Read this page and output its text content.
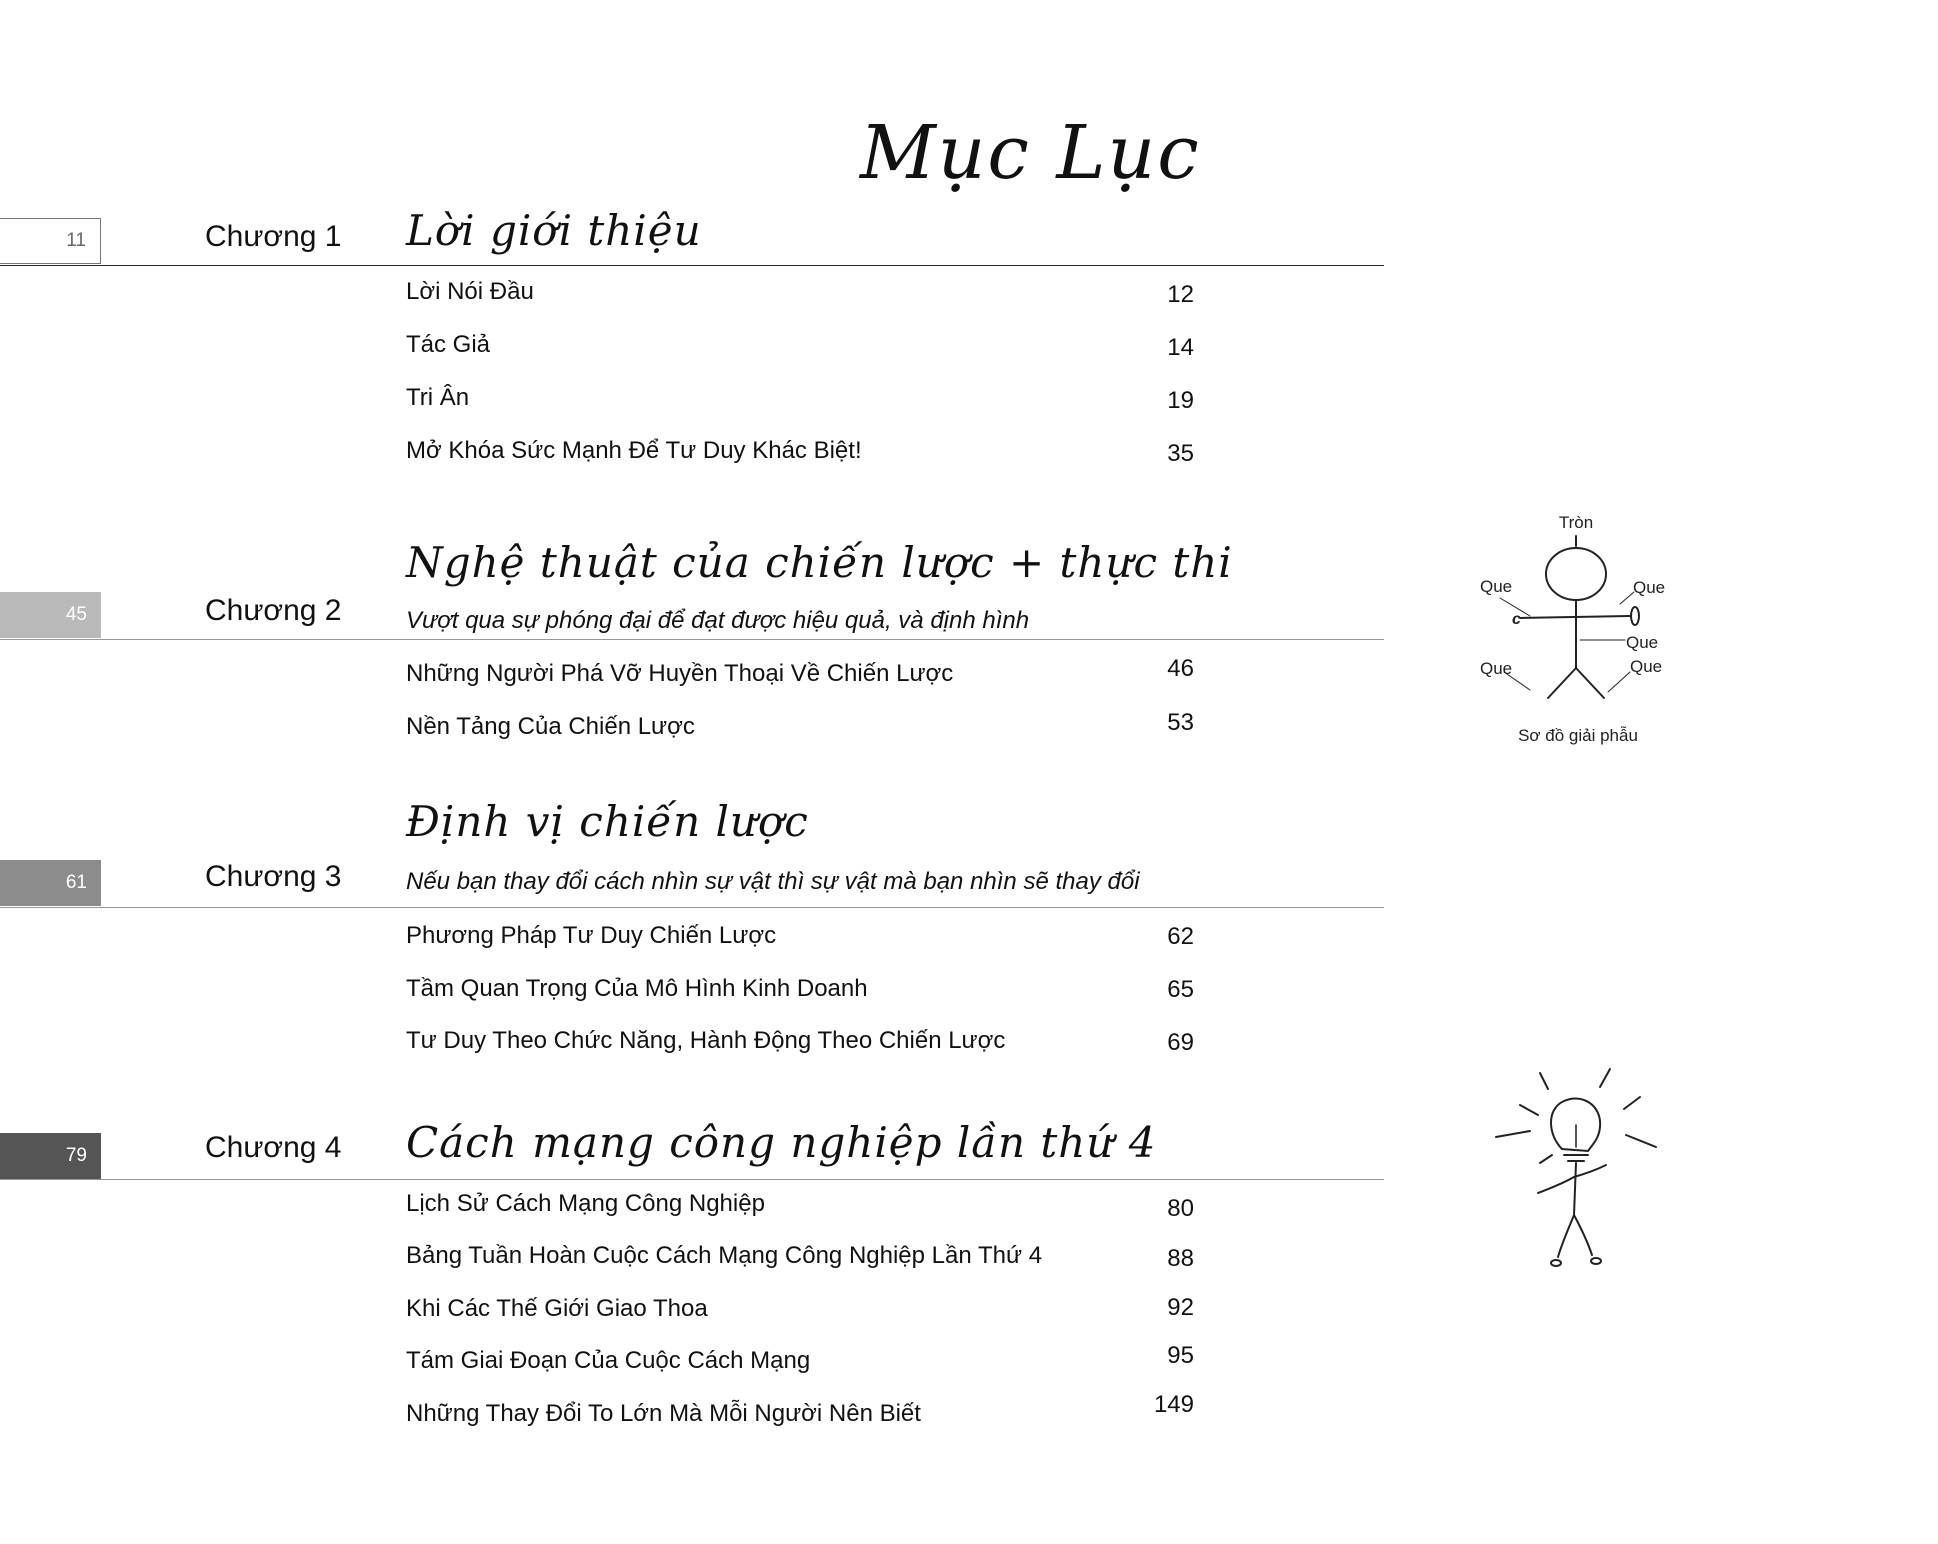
Mục Lục
11	Chương 1 Lời giới thiệu
Lời Nói Đầu	12
Tác Giả	14
Tri Ân	19
Mở Khóa Sức Mạnh Để Tư Duy Khác Biệt!	35
Nghệ thuật của chiến lược + thực thi
45	Chương 2	Vượt qua sự phóng đại để đạt được hiệu quả, và định hình
Những Người Phá Vỡ Huyền Thoại Về Chiến Lược	46
Nền Tảng Của Chiến Lược	53
Định vị chiến lược
61	Chương 3	Nếu bạn thay đổi cách nhìn sự vật thì sự vật mà bạn nhìn sẽ thay đổi
Phương Pháp Tư Duy Chiến Lược	62
Tầm Quan Trọng Của Mô Hình Kinh Doanh	65
Tư Duy Theo Chức Năng, Hành Động Theo Chiến Lược	69
79	Chương 4 Cách mạng công nghiệp lần thứ 4
Lịch Sử Cách Mạng Công Nghiệp	80
Bảng Tuần Hoàn Cuộc Cách Mạng Công Nghiệp Lần Thứ 4	88
Khi Các Thế Giới Giao Thoa	92
Tám Giai Đoạn Của Cuộc Cách Mạng	95
Những Thay Đổi To Lớn Mà Mỗi Người Nên Biết	149
Tròn
Que	Que
c
Que
Que	Que
Sơ đồ giải phẫu
